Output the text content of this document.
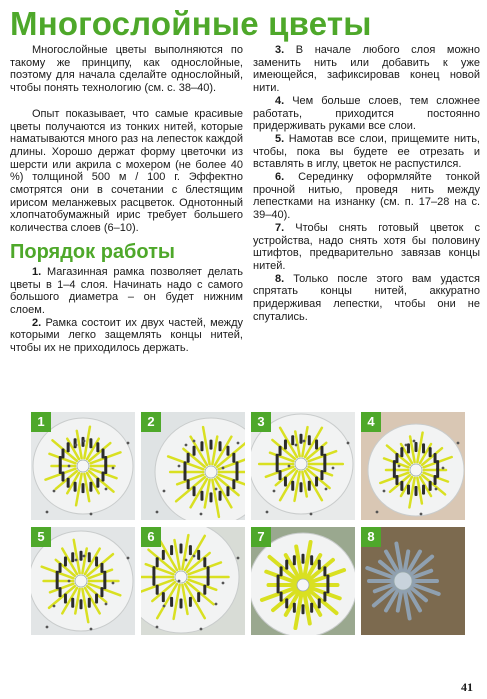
Многослойные цветы

Многослойные цветы выполняются по такому же принципу, как однослойные, поэтому для начала сделайте однослойный, чтобы понять технологию (см. с. 38–40).

Опыт показывает, что самые красивые цветы получаются из тонких нитей, которые наматываются много раз на лепесток каждой длины. Хорошо держат форму цветочки из шерсти или акрила с мохером (не более 40 %) толщиной 500 м / 100 г. Эффектно смотрятся они в сочетании с блестящим ирисом меланжевых расцветок. Однотонный хлопчатобумажный ирис требует большего количества слоев (6–10).

Порядок работы

1. Магазинная рамка позволяет делать цветы в 1–4 слоя. Начинать надо с самого большого диаметра – он будет нижним слоем.

2. Рамка состоит их двух частей, между которыми легко защемлять концы нитей, чтобы их не приходилось держать.

3. В начале любого слоя можно заменить нить или добавить к уже имеющейся, зафиксировав конец новой нити.

4. Чем больше слоев, тем сложнее работать, приходится постоянно придерживать руками все слои.

5. Намотав все слои, прищемите нить, чтобы, пока вы будете ее отрезать и вставлять в иглу, цветок не распустился.

6. Серединку оформляйте тонкой прочной нитью, проведя нить между лепестками на изнанку (см. п. 17–28 на с. 39–40).

7. Чтобы снять готовый цветок с устройства, надо снять хотя бы половину штифтов, предварительно завязав концы нитей.

8. Только после этого вам удастся спрятать концы нитей, аккуратно придерживая лепестки, чтобы они не спутались.

1	2	3	4
5	6	7	8
41
